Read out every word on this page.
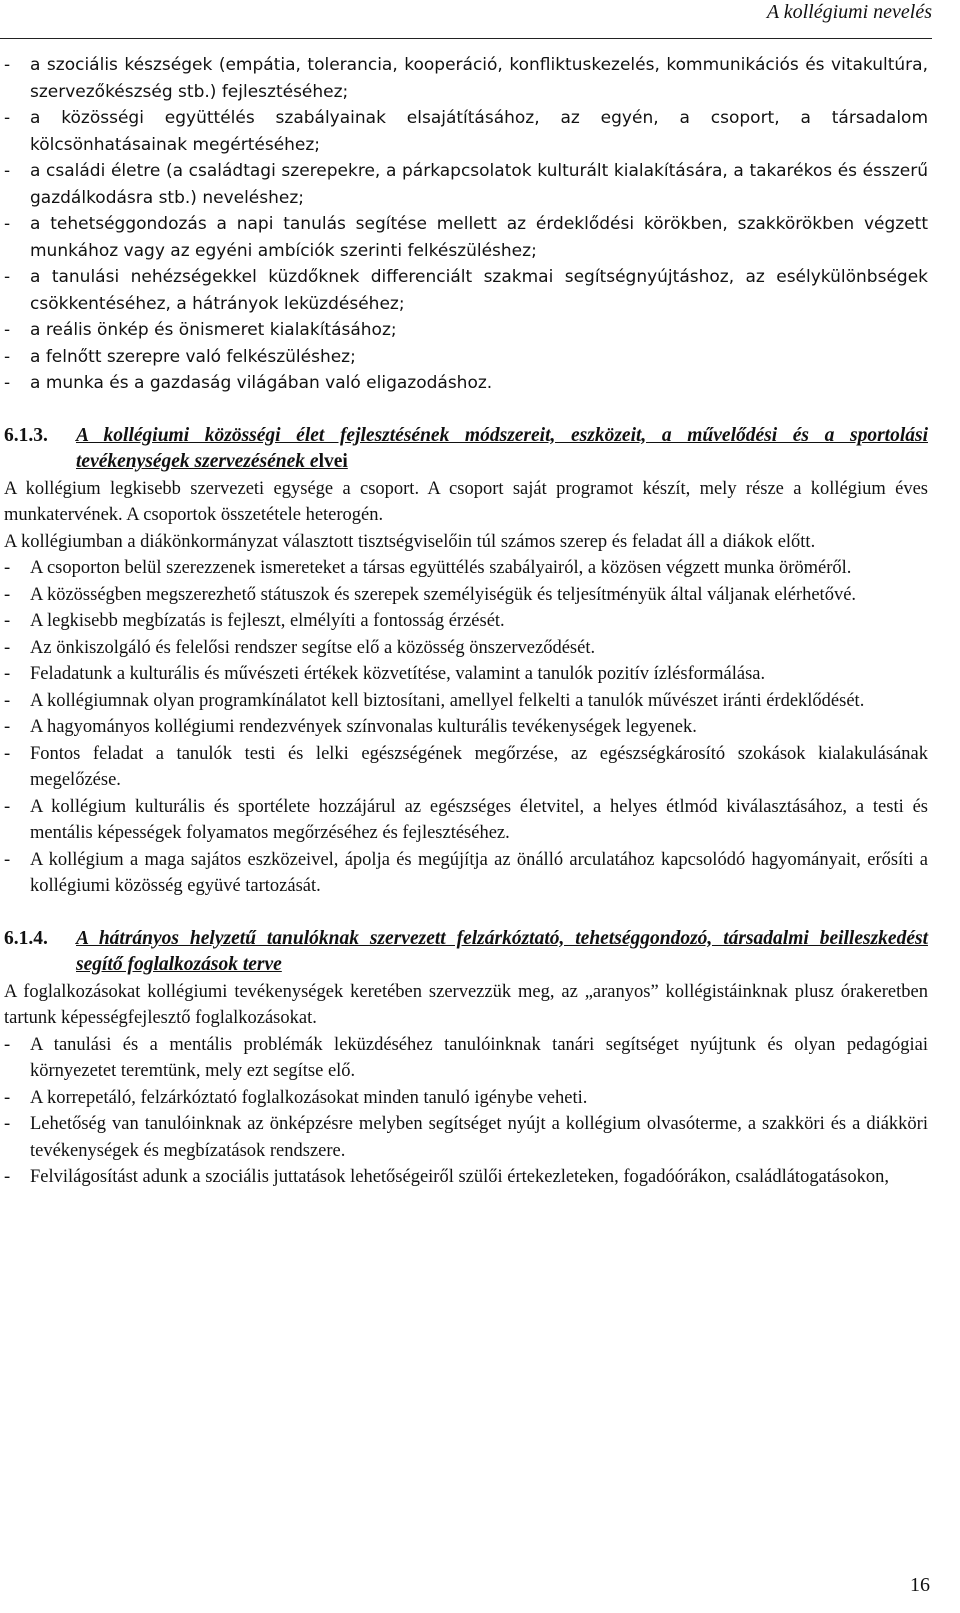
A kollégiumi nevelés
- a szociális készségek (empátia, tolerancia, kooperáció, konfliktuskezelés, kommunikációs és vitakultúra, szervezőkészség stb.) fejlesztéséhez;
- a közösségi együttélés szabályainak elsajátításához, az egyén, a csoport, a társadalom kölcsönhatásainak megértéséhez;
- a családi életre (a családtagi szerepekre, a párkapcsolatok kulturált kialakítására, a takarékos és ésszerű gazdálkodásra stb.) neveléshez;
- a tehetséggondozás a napi tanulás segítése mellett az érdeklődési körökben, szakkörökben végzett munkához vagy az egyéni ambíciók szerinti felkészüléshez;
- a tanulási nehézségekkel küzdőknek differenciált szakmai segítségnyújtáshoz, az esélykülönbségek csökkentéséhez, a hátrányok leküzdéséhez;
- a reális önkép és önismeret kialakításához;
- a felnőtt szerepre való felkészüléshez;
- a munka és a gazdaság világában való eligazodáshoz.
6.1.3. A kollégiumi közösségi élet fejlesztésének módszereit, eszközeit, a művelődési és a sportolási tevékenységek szervezésének elvei
A kollégium legkisebb szervezeti egysége a csoport. A csoport saját programot készít, mely része a kollégium éves munkatervének. A csoportok összetétele heterogén.
A kollégiumban a diákönkormányzat választott tisztségviselőin túl számos szerep és feladat áll a diákok előtt.
- A csoporton belül szerezzenek ismereteket a társas együttélés szabályairól, a közösen végzett munka öröméről.
- A közösségben megszerezhető státuszok és szerepek személyiségük és teljesítményük által váljanak elérhetővé.
- A legkisebb megbízatás is fejleszt, elmélyíti a fontosság érzését.
- Az önkiszolgáló és felelősi rendszer segítse elő a közösség önszerveződését.
- Feladatunk a kulturális és művészeti értékek közvetítése, valamint a tanulók pozitív ízlésformálása.
- A kollégiumnak olyan programkínálatot kell biztosítani, amellyel felkelti a tanulók művészet iránti érdeklődését.
- A hagyományos kollégiumi rendezvények színvonalas kulturális tevékenységek legyenek.
- Fontos feladat a tanulók testi és lelki egészségének megőrzése, az egészségkárosító szokások kialakulásának megelőzése.
- A kollégium kulturális és sportélete hozzájárul az egészséges életvitel, a helyes étlmód kiválasztásához, a testi és mentális képességek folyamatos megőrzéséhez és fejlesztéséhez.
- A kollégium a maga sajátos eszközeivel, ápolja és megújítja az önálló arculatához kapcsolódó hagyományait, erősíti a kollégiumi közösség együvé tartozását.
6.1.4. A hátrányos helyzetű tanulóknak szervezett felzárkóztató, tehetséggondozó, társadalmi beilleszkedést segítő foglalkozások terve
A foglalkozásokat kollégiumi tevékenységek keretében szervezzük meg, az „aranyos” kollégistáinknak plusz órakeretben tartunk képességfejlesztő foglalkozásokat.
- A tanulási és a mentális problémák leküzdéséhez tanulóinknak tanári segítséget nyújtunk és olyan pedagógiai környezetet teremtünk, mely ezt segítse elő.
- A korrepetáló, felzárkóztató foglalkozásokat minden tanuló igénybe veheti.
- Lehetőség van tanulóinknak az önképzésre melyben segítséget nyújt a kollégium olvasóterme, a szakköri és a diákköri tevékenységek és megbízatások rendszere.
- Felvilágosítást adunk a szociális juttatások lehetőségeiről szülői értekezleteken, fogadóórákon, családlátogatásokon,
16
